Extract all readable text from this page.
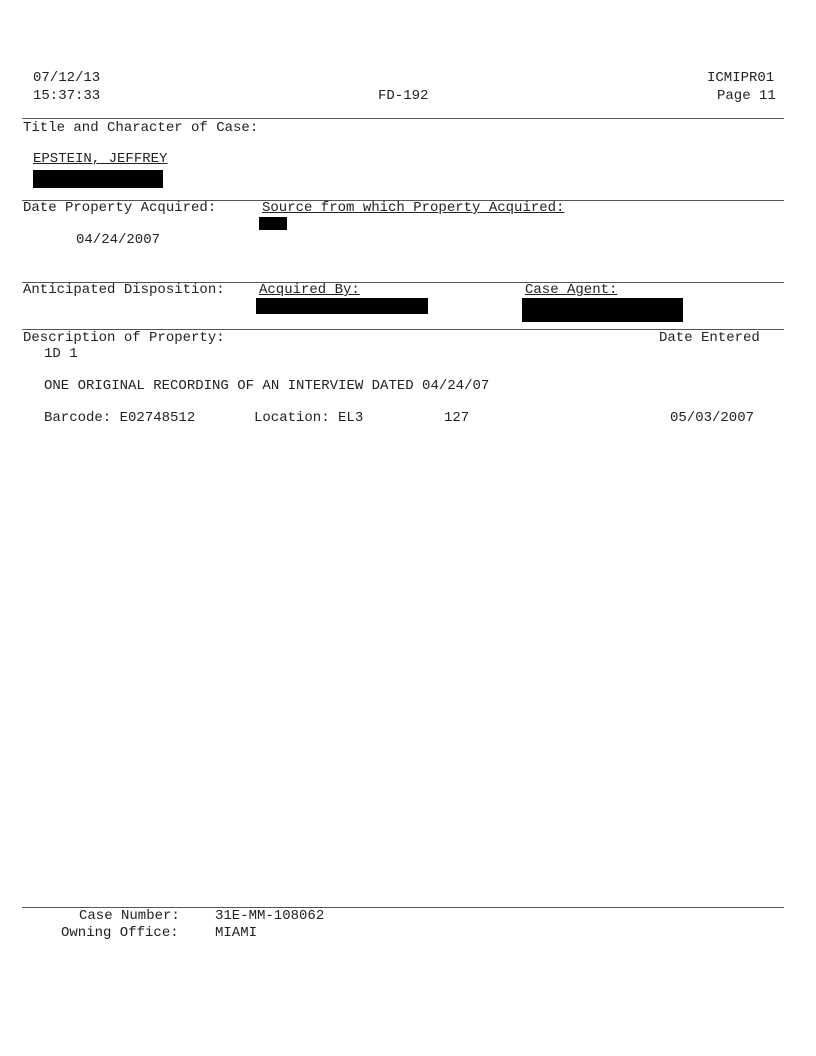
07/12/13
15:37:33	FD-192
ICMIPR01
Page 11
Title and Character of Case:
EPSTEIN, JEFFREY
Date Property Acquired:	Source from which Property Acquired:
04/24/2007
Anticipated Disposition: Acquired By:	Case Agent:
Description of Property:	Date Entered
1D 1
ONE ORIGINAL RECORDING OF AN INTERVIEW DATED 04/24/07
Barcode: E02748512	Location: EL3	127	05/03/2007
Case Number:	31E-MM-108062
Owning Office:	MIAMI
